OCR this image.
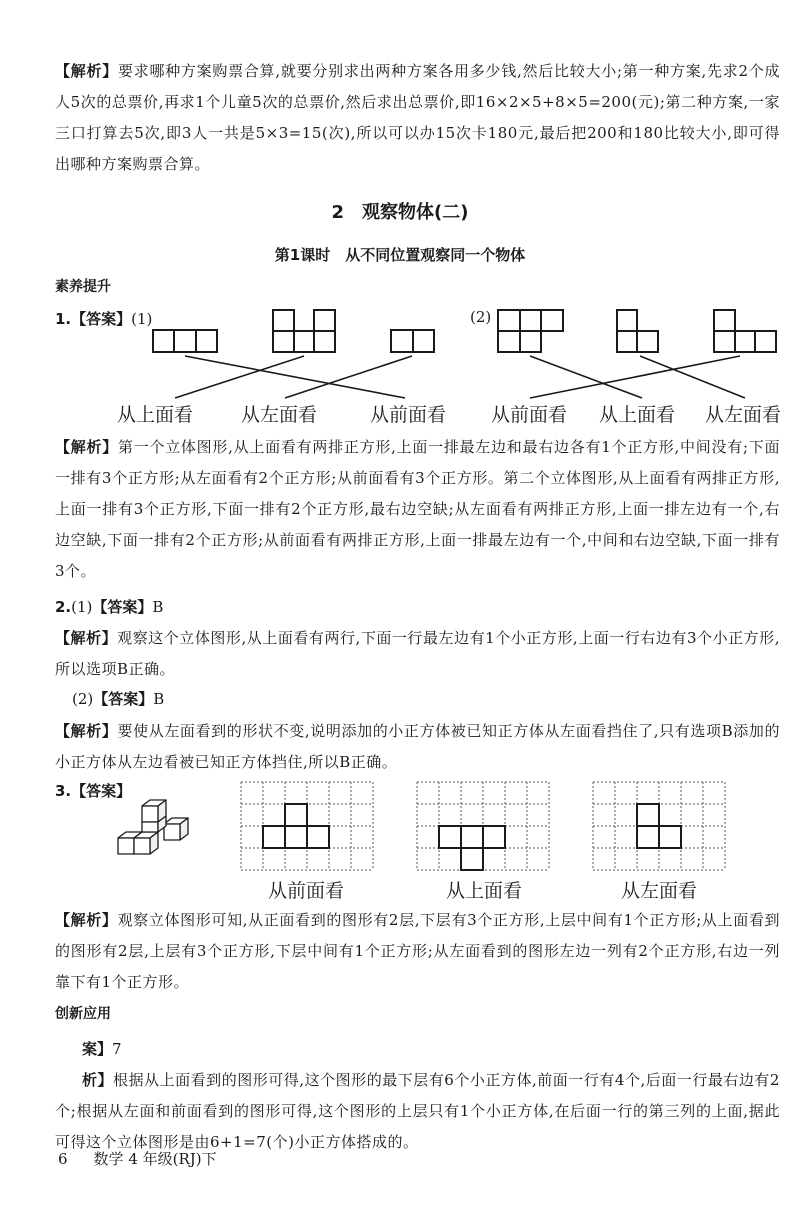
【解析】要求哪种方案购票合算,就要分别求出两种方案各用多少钱,然后比较大小;第一种方案,先求2个成人5次的总票价,再求1个儿童5次的总票价,然后求出总票价,即16×2×5+8×5=200(元);第二种方案,一家三口打算去5次,即3人一共是5×3=15(次),所以可以办15次卡180元,最后把200和180比较大小,即可得出哪种方案购票合算。
2　观察物体(二)
第1课时　从不同位置观察同一个物体
素养提升
1.【答案】(1)	(2)
从上面看	从左面看	从前面看 从前面看 从上面看 从左面看
【解析】第一个立体图形,从上面看有两排正方形,上面一排最左边和最右边各有1个正方形,中间没有;下面一排有3个正方形;从左面看有2个正方形;从前面看有3个正方形。第二个立体图形,从上面看有两排正方形,上面一排有3个正方形,下面一排有2个正方形,最右边空缺;从左面看有两排正方形,上面一排左边有一个,右边空缺,下面一排有2个正方形;从前面看有两排正方形,上面一排最左边有一个,中间和右边空缺,下面一排有3个。
2.(1)【答案】B
【解析】观察这个立体图形,从上面看有两行,下面一行最左边有1个小正方形,上面一行右边有3个小正方形,所以选项B正确。
(2)【答案】B
【解析】要使从左面看到的形状不变,说明添加的小正方体被已知正方体从左面看挡住了,只有选项B添加的小正方体从左边看被已知正方体挡住,所以B正确。
3.【答案】
从前面看	从上面看	从左面看
【解析】观察立体图形可知,从正面看到的图形有2层,下层有3个正方形,上层中间有1个正方形;从上面看到的图形有2层,上层有3个正方形,下层中间有1个正方形;从左面看到的图形左边一列有2个正方形,右边一列靠下有1个正方形。
创新应用
案】7
析】根据从上面看到的图形可得,这个图形的最下层有6个小正方体,前面一行有4个,后面一行最右边有2个;根据从左面和前面看到的图形可得,这个图形的上层只有1个小正方体,在后面一行的第三列的上面,据此可得这个立体图形是由6+1=7(个)小正方体搭成的。
6 数学 4 年级(RJ)下
